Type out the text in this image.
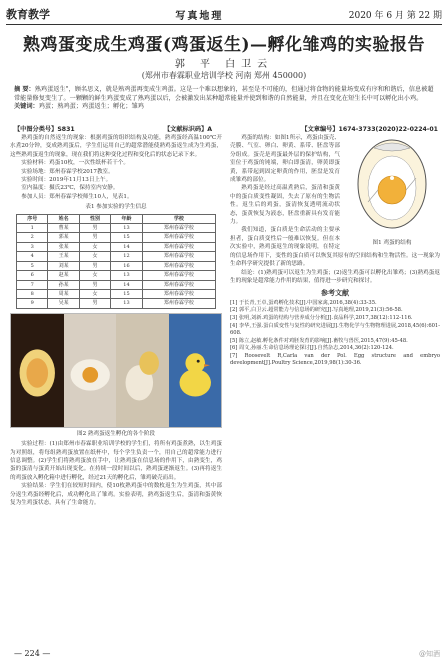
教育教学	写真地理	2020 年 6 月 第 22 期
熟鸡蛋变成生鸡蛋(鸡蛋返生)—孵化雏鸡的实验报告
郭 平 白卫云
(郑州市春霖职业培训学校 河南 郑州 450000)
摘 要：熟鸡蛋返生"，顾名思义，就是熟鸡蛋再变成生鸡蛋。这是一个难以想象的，甚至是不可能的，但通过将食物的能量场变成有序和和谐后，信息被超常能量修复变生了。一颗颗的鲜生鸡蛋变成了熟鸡蛋以后，会被激发出某种超常能量并使到和谐的自然能量，并且在变化在短生长中可以孵化出小鸡。
关键词：鸡蛋；熟鸡蛋；鸡蛋返生；孵化；雏鸡
【中图分类号】S831	【文献标识码】A	【文章编号】1674-3733(2020)22-0224-01

熟鸡蛋的自然返生的现象：根据鸡蛋的组织结构及功能，熟鸡蛋经高温100℃开水煮20分钟，变成熟鸡蛋后，学生们运用自己的超常潜能使熟鸡蛋返生成为生鸡蛋，这些熟鸡蛋返生的现象，现在我们将这种变化过程和变化后的状态记录下来。

实验材料：鸡蛋10枚，一次性纸杯若干个。

实验场地：郑州春霖学校2017教室。

实验时间：2019年11月13日上午。

室内温度：摄氏23℃，保持室内安静。

参加人员：郑州春霖学校师生10人，见表1。

表1 参加实验的学生信息
序号	姓名	性别	年龄	学校
1	曹某	男	13	郑州春霖学校
2	郭某	男	15	郑州春霖学校
3	张某	女	14	郑州春霖学校
4	王某	女	12	郑州春霖学校
5	刘某	男	16	郑州春霖学校
6	赵某	女	13	郑州春霖学校
7	孙某	男	14	郑州春霖学校
8	周某	女	15	郑州春霖学校
9	吴某	男	13	郑州春霖学校
图2 熟鸡蛋返生孵化的各个阶段

实验过程：(1)由郑州市春霖职业培训学校的学生们，将所有鸡蛋煮熟，以生鸡蛋为对照组，将每组熟鸡蛋放置在纸杯中，每个学生负责一个，用自己的超常能力进行信息调整。(2)学生们将熟鸡蛋放在手中，让熟鸡蛋在信息场的作用下，由熟变生，鸡蛋的蛋清与蛋黄开始出现变化。在持续一段时间以后，熟鸡蛋逐渐返生。(3)再将返生的鸡蛋放入孵化箱中进行孵化，经过21天的孵化后，雏鸡破壳而出。

实验结果：学生们在较短时间内，使10枚熟鸡蛋中的数枚返生为生鸡蛋，其中部分返生鸡蛋经孵化后，成功孵化出了雏鸡。实验表明，熟鸡蛋返生后，蛋清和蛋黄恢复为生鸡蛋状态，具有了生命能力。

图1 鸡蛋的结构

鸡蛋的结构：如图1所示，鸡蛋由蛋壳、壳膜、气室、卵白、卵黄、系带、胚盘等部分组成。蛋壳是鸡蛋最外层的保护结构，气室位于鸡蛋的钝端，卵白即蛋清，卵黄即蛋黄，系带起到固定卵黄的作用，胚盘是发育成雏鸡的部位。

熟鸡蛋是经过高温煮熟后，蛋清和蛋黄中的蛋白质变性凝固，失去了原有的生物活性。返生后的鸡蛋，蛋清恢复透明流动状态，蛋黄恢复为液态，胚盘重新具有发育能力。

我们知道，蛋白质是生命活动的主要承担者，蛋白质变性后一般难以恢复。但在本次实验中，熟鸡蛋返生的现象说明，在特定的信息场作用下，变性的蛋白质可以恢复其原有的空间结构和生物活性。这一现象为生命科学研究提供了新的思路。

结论：(1)熟鸡蛋可以返生为生鸡蛋；(2)返生鸡蛋可以孵化出雏鸡；(3)熟鸡蛋返生的现象是超常能力作用的结果，值得进一步研究和探讨。

参考文献
[1] 于长青,王卓,蛋鸡孵化技术[J].中国家禽,2016,38(4):33-35.
[2] 郭平,白卫云.超常能力与信息场的研究[J].写真地理,2019,21(3):56-58.
[3] 张明,刘新.鸡蛋的结构与营养成分分析[J].食品科学,2017,38(12):112-116.
[4] 李华,王强.蛋白质变性与复性的研究进展[J].生物化学与生物物理进展,2018,45(6):601-608.
[5] 陈立,赵敏.孵化条件对鸡胚发育的影响[J].畜牧与兽医,2015,47(9):45-48.
[6] 周文,孙丽.生命信息场理论探讨[J].自然杂志,2014,36(2):120-124.
[7] Roosevelt R,Carla van der Pol. Egg structure and embryo development[J].Poultry Science,2019,98(1):30-36.
— 224 —	@知酒
